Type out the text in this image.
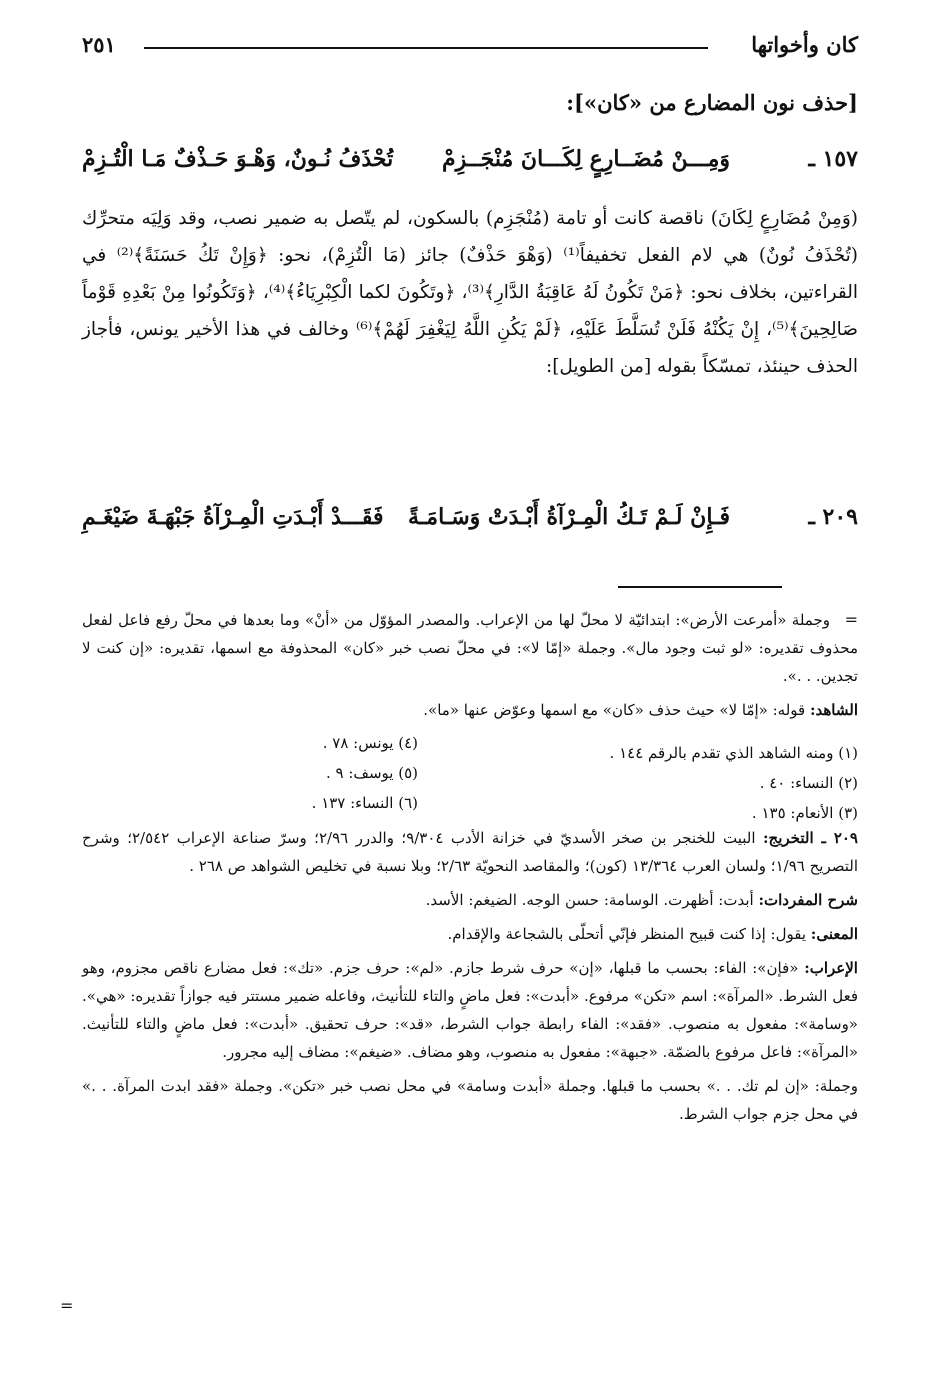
كان وأخواتها
٢٥١
[حذف نون المضارع من «كان»]:
١٥٧ ـ
وَمِـــنْ مُضَــارِعٍ لِكَـــانَ مُنْجَــزِمْ
تُحْذَفُ نُـونٌ، وَهْـوَ حَـذْفٌ مَـا الْتُـزِمْ

(وَمِنْ مُضَارِعٍ لِكَانَ) ناقصة كانت أو تامة (مُنْجَزِم) بالسكون، لم يتّصل به ضمير نصب، وقد وَلِيَه متحرِّك (تُحْذَفُ نُونٌ) هي لام الفعل تخفيفاً⁽¹⁾ (وَهْوَ حَذْفٌ) جائز (مَا الْتُزِمْ)، نحو: ﴿وَإِنْ تَكُ حَسَنَةً﴾⁽²⁾ في القراءتين، بخلاف نحو: ﴿مَنْ تَكُونُ لَهُ عَاقِبَةُ الدَّارِ﴾⁽³⁾، ﴿وتَكُونَ لكما الْكِبْرِيَاءُ﴾⁽⁴⁾، ﴿وَتَكُونُوا مِنْ بَعْدِهِ قَوْماً صَالِحِينَ﴾⁽⁵⁾، إِنْ يَكُنْهُ فَلَنْ تُسَلَّطَ عَلَيْهِ، ﴿لَمْ يَكُنِ اللَّهُ لِيَغْفِرَ لَهُمْ﴾⁽⁶⁾ وخالف في هذا الأخير يونس، فأجاز الحذف حينئذ، تمسّكاً بقوله [من الطويل]:

٢٠٩ ـ
فَـإِنْ لَـمْ تَـكُ الْمِـرْآةُ أَبْـدَتْ وَسَـامَـةً
فَقَـــدْ أَبْـدَتِ الْمِـرْآةُ جَبْهَـةَ ضَيْغَـمِ
=

وجملة «أمرعت الأرض»: ابتدائيّة لا محلّ لها من الإعراب. والمصدر المؤوّل من «أنْ» وما بعدها في محلّ رفع فاعل لفعل محذوف تقديره: «لو ثبت وجود مال». وجملة «إمّا لا»: في محلّ نصب خبر «كان» المحذوفة مع اسمها، تقديره: «إن كنت لا تجدين. . .».

الشاهد: قوله: «إمّا لا» حيث حذف «كان» مع اسمها وعوّض عنها «ما».

(١) ومنه الشاهد الذي تقدم بالرقم ١٤٤ .
(٢) النساء: ٤٠ .
(٣) الأنعام: ١٣٥ .
(٤) يونس: ٧٨ .
(٥) يوسف: ٩ .
(٦) النساء: ١٣٧ .

٢٠٩ ـ التخريج: البيت للخنجر بن صخر الأسديّ في خزانة الأدب ٩/٣٠٤؛ والدرر ٢/٩٦؛ وسرّ صناعة الإعراب ٢/٥٤٢؛ وشرح التصريح ١/٩٦؛ ولسان العرب ١٣/٣٦٤ (كون)؛ والمقاصد النحويّة ٢/٦٣؛ وبلا نسبة في تخليص الشواهد ص ٢٦٨ .

شرح المفردات: أبدت: أظهرت. الوسامة: حسن الوجه. الضيغم: الأسد.

المعنى: يقول: إذا كنت قبيح المنظر فإنّي أتحلّى بالشجاعة والإقدام.

الإعراب: «فإن»: الفاء: بحسب ما قبلها، «إن» حرف شرط جازم. «لم»: حرف جزم. «تك»: فعل مضارع ناقص مجزوم، وهو فعل الشرط. «المرآة»: اسم «تكن» مرفوع. «أبدت»: فعل ماضٍ والتاء للتأنيث، وفاعله ضمير مستتر فيه جوازاً تقديره: «هي». «وسامة»: مفعول به منصوب. «فقد»: الفاء رابطة جواب الشرط، «قد»: حرف تحقيق. «أبدت»: فعل ماضٍ والتاء للتأنيث. «المرآة»: فاعل مرفوع بالضمّة. «جبهة»: مفعول به منصوب، وهو مضاف. «ضيغم»: مضاف إليه مجرور.

وجملة: «إن لم تك. . .» بحسب ما قبلها. وجملة «أبدت وسامة» في محل نصب خبر «تكن». وجملة «فقد ابدت المرآة. . .» في محل جزم جواب الشرط.

=
